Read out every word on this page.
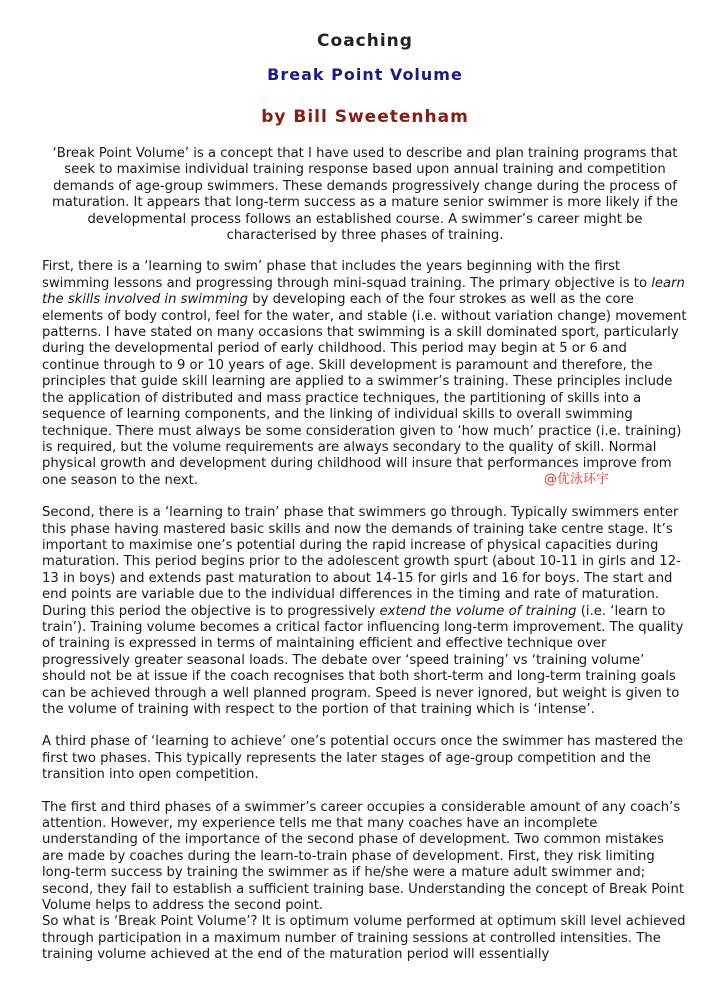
Coaching
Break Point Volume
by Bill Sweetenham

‘Break Point Volume’ is a concept that I have used to describe and plan training programs that seek to maximise individual training response based upon annual training and competition demands of age-group swimmers. These demands progressively change during the process of maturation. It appears that long-term success as a mature senior swimmer is more likely if the developmental process follows an established course. A swimmer’s career might be characterised by three phases of training.

First, there is a ‘learning to swim’ phase that includes the years beginning with the first swimming lessons and progressing through mini-squad training. The primary objective is to learn the skills involved in swimming by developing each of the four strokes as well as the core elements of body control, feel for the water, and stable (i.e. without variation change) movement patterns. I have stated on many occasions that swimming is a skill dominated sport, particularly during the developmental period of early childhood. This period may begin at 5 or 6 and continue through to 9 or 10 years of age. Skill development is paramount and therefore, the principles that guide skill learning are applied to a swimmer’s training. These principles include the application of distributed and mass practice techniques, the partitioning of skills into a sequence of learning components, and the linking of individual skills to overall swimming technique. There must always be some consideration given to ‘how much’ practice (i.e. training) is required, but the volume requirements are always secondary to the quality of skill. Normal physical growth and development during childhood will insure that performances improve from one season to the next.

Second, there is a ‘learning to train’ phase that swimmers go through. Typically swimmers enter this phase having mastered basic skills and now the demands of training take centre stage. It’s important to maximise one’s potential during the rapid increase of physical capacities during maturation. This period begins prior to the adolescent growth spurt (about 10-11 in girls and 12-13 in boys) and extends past maturation to about 14-15 for girls and 16 for boys. The start and end points are variable due to the individual differences in the timing and rate of maturation. During this period the objective is to progressively extend the volume of training (i.e. ‘learn to train’). Training volume becomes a critical factor influencing long-term improvement. The quality of training is expressed in terms of maintaining efficient and effective technique over progressively greater seasonal loads. The debate over ‘speed training’ vs ‘training volume’ should not be at issue if the coach recognises that both short-term and long-term training goals can be achieved through a well planned program. Speed is never ignored, but weight is given to the volume of training with respect to the portion of that training which is ‘intense’.

A third phase of ‘learning to achieve’ one’s potential occurs once the swimmer has mastered the first two phases. This typically represents the later stages of age-group competition and the transition into open competition.

The first and third phases of a swimmer’s career occupies a considerable amount of any coach’s attention. However, my experience tells me that many coaches have an incomplete understanding of the importance of the second phase of development. Two common mistakes are made by coaches during the learn-to-train phase of development. First, they risk limiting long-term success by training the swimmer as if he/she were a mature adult swimmer and; second, they fail to establish a sufficient training base. Understanding the concept of Break Point Volume helps to address the second point.

So what is ‘Break Point Volume’? It is optimum volume performed at optimum skill level achieved through participation in a maximum number of training sessions at controlled intensities. The training volume achieved at the end of the maturation period will essentially

@优泳环宇
